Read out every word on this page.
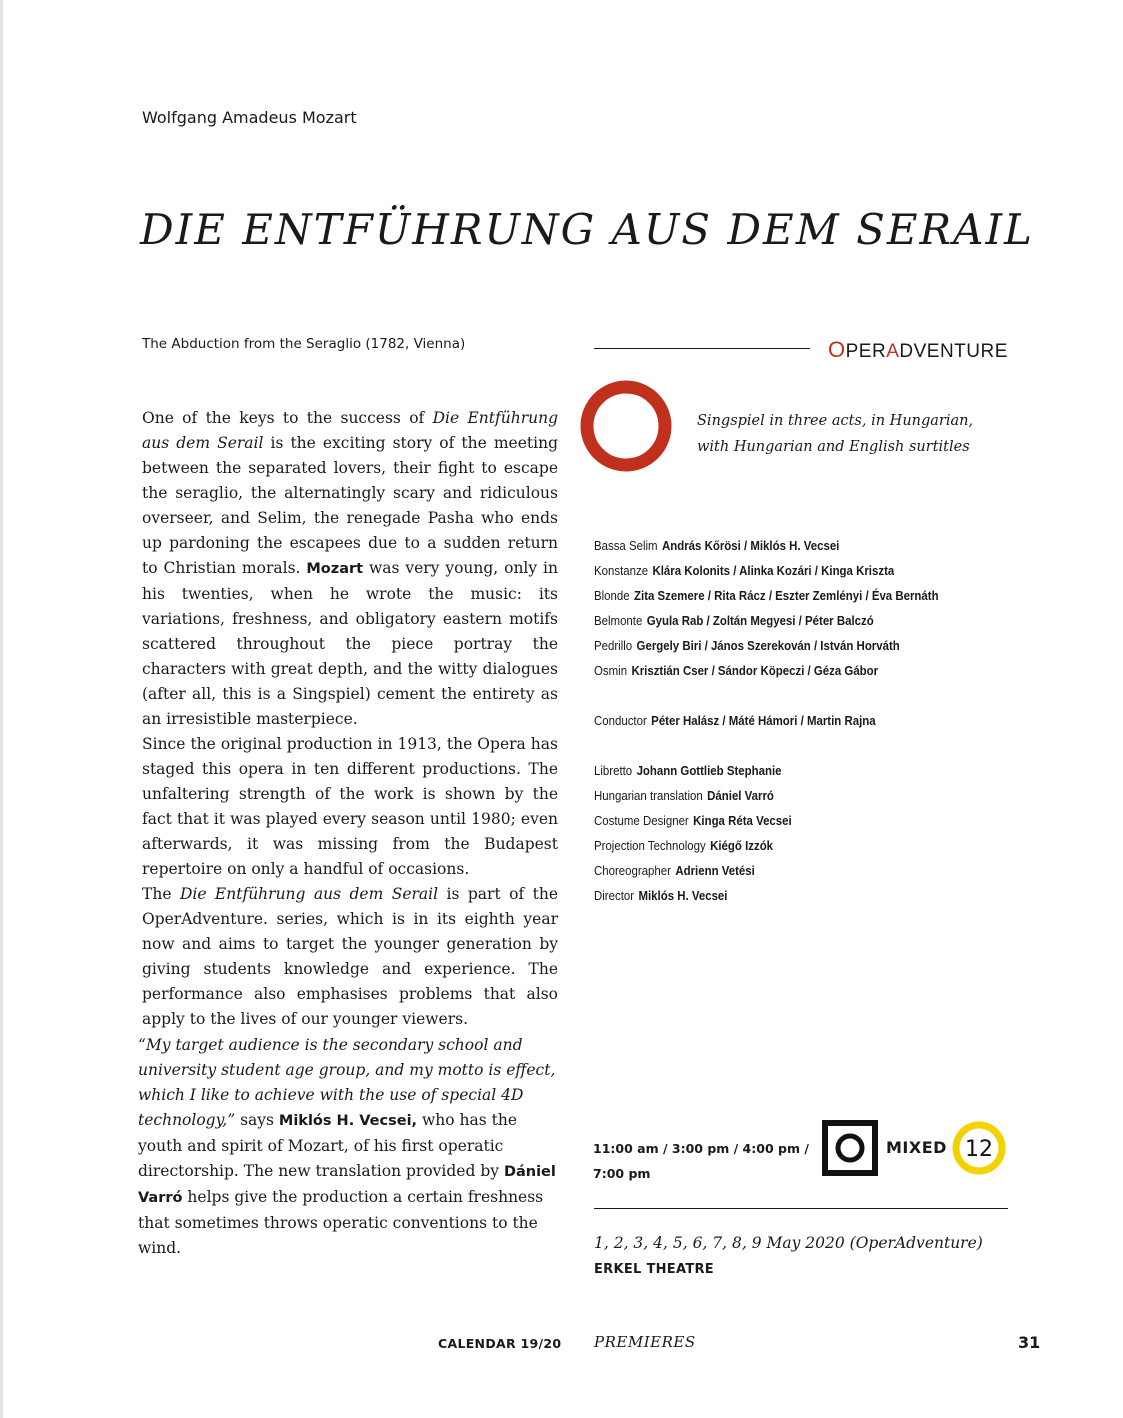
Wolfgang Amadeus Mozart
DIE ENTFÜHRUNG AUS DEM SERAIL
The Abduction from the Seraglio (1782, Vienna)

One of the keys to the success of Die Entführung aus dem Serail is the exciting story of the meeting between the separated lovers, their fight to escape the seraglio, the alternatingly scary and ridiculous overseer, and Selim, the renegade Pasha who ends up pardoning the escapees due to a sudden return to Christian morals. Mozart was very young, only in his twenties, when he wrote the music: its variations, freshness, and obligatory eastern motifs scattered throughout the piece portray the characters with great depth, and the witty dialogues (after all, this is a Singspiel) cement the entirety as an irresistible masterpiece.

Since the original production in 1913, the Opera has staged this opera in ten different productions. The unfaltering strength of the work is shown by the fact that it was played every season until 1980; even afterwards, it was missing from the Budapest repertoire on only a handful of occasions.

The Die Entführung aus dem Serail is part of the OperAdventure. series, which is in its eighth year now and aims to target the younger generation by giving students knowledge and experience. The performance also emphasises problems that also apply to the lives of our younger viewers.

“My target audience is the secondary school and university student age group, and my motto is effect, which I like to achieve with the use of special 4D technology,” says Miklós H. Vecsei, who has the youth and spirit of Mozart, of his first operatic directorship. The new translation provided by Dániel Varró helps give the production a certain freshness that sometimes throws operatic conventions to the wind.
OPERADVENTURE
Singspiel in three acts, in Hungarian,
with Hungarian and English surtitles
Bassa Selim András Kőrösi / Miklós H. Vecsei
Konstanze Klára Kolonits / Alinka Kozári / Kinga Kriszta
Blonde Zita Szemere / Rita Rácz / Eszter Zemlényi / Éva Bernáth
Belmonte Gyula Rab / Zoltán Megyesi / Péter Balczó
Pedrillo Gergely Biri / János Szerekován / István Horváth
Osmin Krisztián Cser / Sándor Köpeczi / Géza Gábor
Conductor Péter Halász / Máté Hámori / Martin Rajna
Libretto Johann Gottlieb Stephanie
Hungarian translation Dániel Varró
Costume Designer Kinga Réta Vecsei
Projection Technology Kiégő Izzók
Choreographer Adrienn Vetési
Director Miklós H. Vecsei
11:00 am / 3:00 pm / 4:00 pm /
7:00 pm
MIXED 12
1, 2, 3, 4, 5, 6, 7, 8, 9 May 2020 (OperAdventure)
ERKEL THEATRE
CALENDAR 19/20 PREMIERES	31
